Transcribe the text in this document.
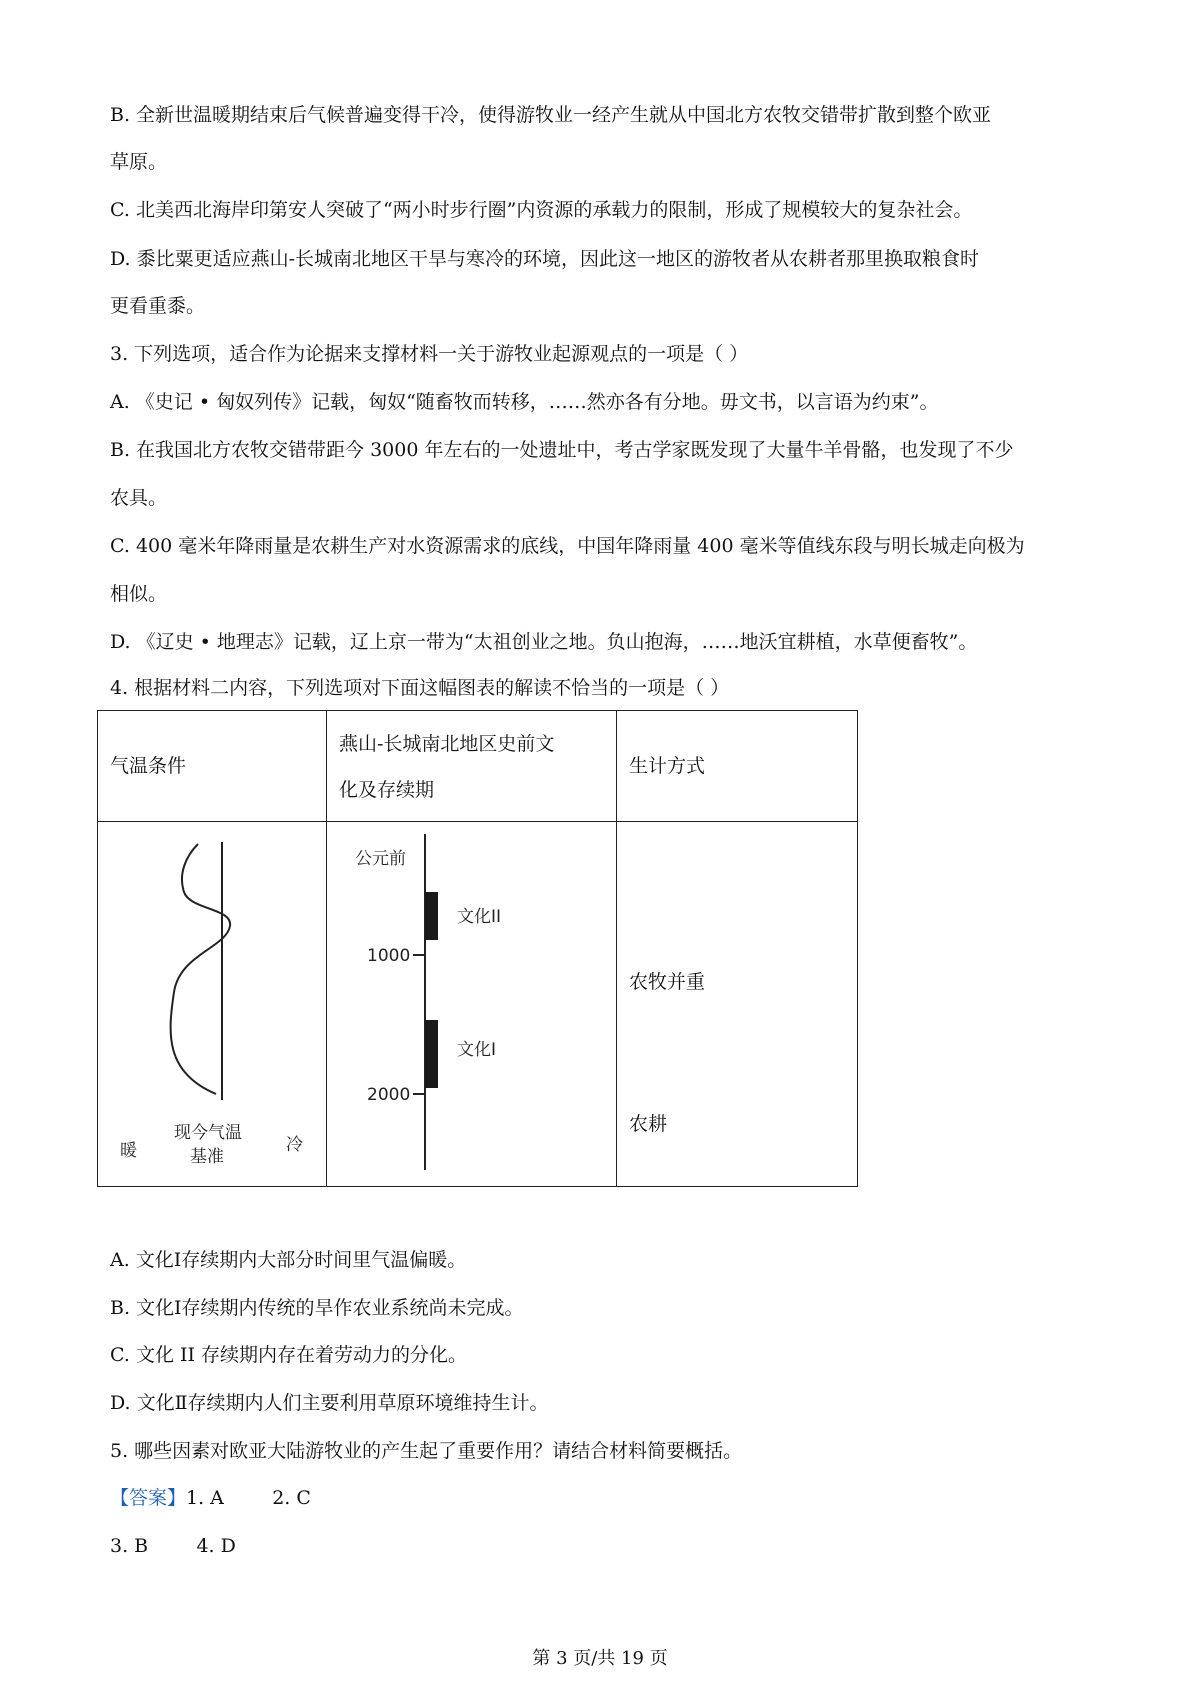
B. 全新世温暖期结束后气候普遍变得干冷，使得游牧业一经产生就从中国北方农牧交错带扩散到整个欧亚
草原。
C. 北美西北海岸印第安人突破了“两小时步行圈”内资源的承载力的限制，形成了规模较大的复杂社会。
D. 黍比粟更适应燕山-长城南北地区干旱与寒冷的环境，因此这一地区的游牧者从农耕者那里换取粮食时
更看重黍。
3. 下列选项，适合作为论据来支撑材料一关于游牧业起源观点的一项是（ ）
A. 《史记 • 匈奴列传》记载，匈奴“随畜牧而转移，……然亦各有分地。毋文书，以言语为约束”。
B. 在我国北方农牧交错带距今 3000 年左右的一处遗址中，考古学家既发现了大量牛羊骨骼，也发现了不少
农具。
C. 400 毫米年降雨量是农耕生产对水资源需求的底线，中国年降雨量 400 毫米等值线东段与明长城走向极为
相似。
D. 《辽史 • 地理志》记载，辽上京一带为“太祖创业之地。负山抱海，……地沃宜耕植，水草便畜牧”。
4. 根据材料二内容，下列选项对下面这幅图表的解读不恰当的一项是（ ）
气温条件	燕山-长城南北地区史前文
化及存续期	生计方式

暖
现今气温
基准
冷	公元前
1000
2000
文化II
文化I	农牧并重
农耕
A. 文化Ⅰ存续期内大部分时间里气温偏暖。
B. 文化Ⅰ存续期内传统的旱作农业系统尚未完成。
C. 文化 II 存续期内存在着劳动力的分化。
D. 文化Ⅱ存续期内人们主要利用草原环境维持生计。
5. 哪些因素对欧亚大陆游牧业的产生起了重要作用？请结合材料简要概括。
【答案】1. A        2. C
3. B        4. D
第 3 页/共 19 页
